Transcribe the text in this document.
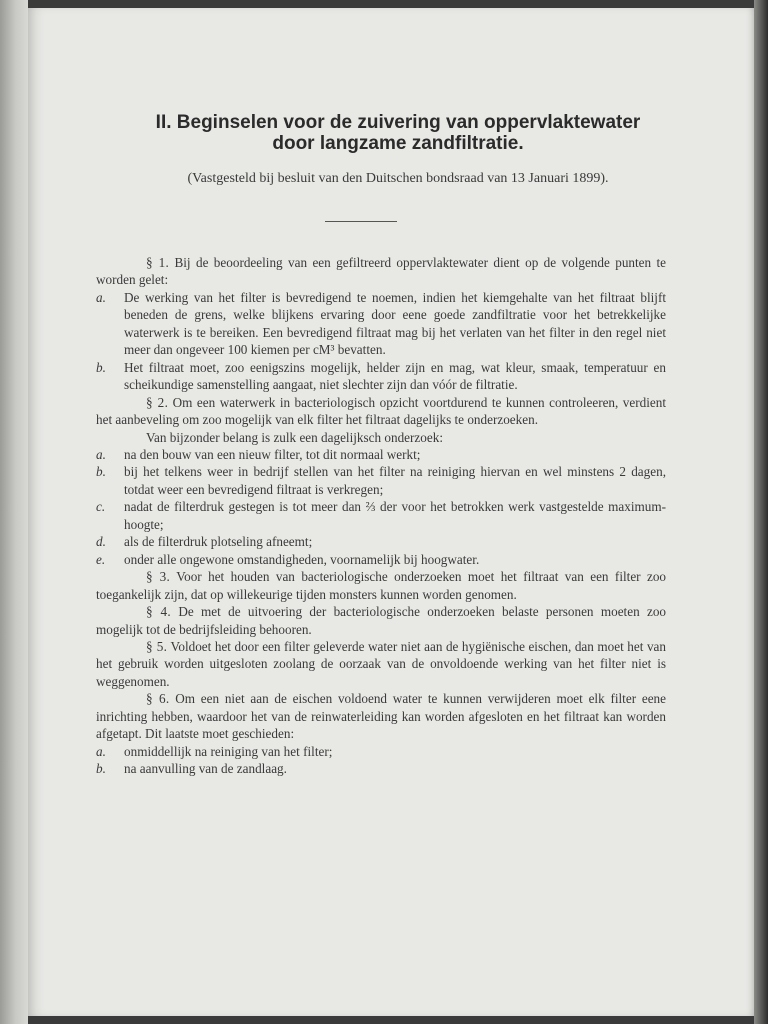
II. Beginselen voor de zuivering van oppervlaktewater
door langzame zandfiltratie.
(Vastgesteld bij besluit van den Duitschen bondsraad van 13 Januari 1899).

§ 1. Bij de beoordeeling van een gefiltreerd oppervlaktewater dient op de volgende punten te worden gelet:

a. De werking van het filter is bevredigend te noemen, indien het kiemgehalte van het filtraat blijft beneden de grens, welke blijkens ervaring door eene goede zandfiltratie voor het betrekkelijke waterwerk is te bereiken. Een bevredigend filtraat mag bij het verlaten van het filter in den regel niet meer dan ongeveer 100 kiemen per cM³ bevatten.

b. Het filtraat moet, zoo eenigszins mogelijk, helder zijn en mag, wat kleur, smaak, temperatuur en scheikundige samenstelling aangaat, niet slechter zijn dan vóór de filtratie.

§ 2. Om een waterwerk in bacteriologisch opzicht voortdurend te kunnen controleeren, verdient het aanbeveling om zoo mogelijk van elk filter het filtraat dagelijks te onderzoeken.

Van bijzonder belang is zulk een dagelijksch onderzoek:

a. na den bouw van een nieuw filter, tot dit normaal werkt;

b. bij het telkens weer in bedrijf stellen van het filter na reiniging hiervan en wel minstens 2 dagen, totdat weer een bevredigend filtraat is verkregen;

c. nadat de filterdruk gestegen is tot meer dan ⅔ der voor het betrokken werk vastgestelde maximum-hoogte;

d. als de filterdruk plotseling afneemt;

e. onder alle ongewone omstandigheden, voornamelijk bij hoogwater.

§ 3. Voor het houden van bacteriologische onderzoeken moet het filtraat van een filter zoo toegankelijk zijn, dat op willekeurige tijden monsters kunnen worden genomen.

§ 4. De met de uitvoering der bacteriologische onderzoeken belaste personen moeten zoo mogelijk tot de bedrijfsleiding behooren.

§ 5. Voldoet het door een filter geleverde water niet aan de hygiënische eischen, dan moet het van het gebruik worden uitgesloten zoolang de oorzaak van de onvoldoende werking van het filter niet is weggenomen.

§ 6. Om een niet aan de eischen voldoend water te kunnen verwijderen moet elk filter eene inrichting hebben, waardoor het van de reinwaterleiding kan worden afgesloten en het filtraat kan worden afgetapt. Dit laatste moet geschieden:

a. onmiddellijk na reiniging van het filter;

b. na aanvulling van de zandlaag.
